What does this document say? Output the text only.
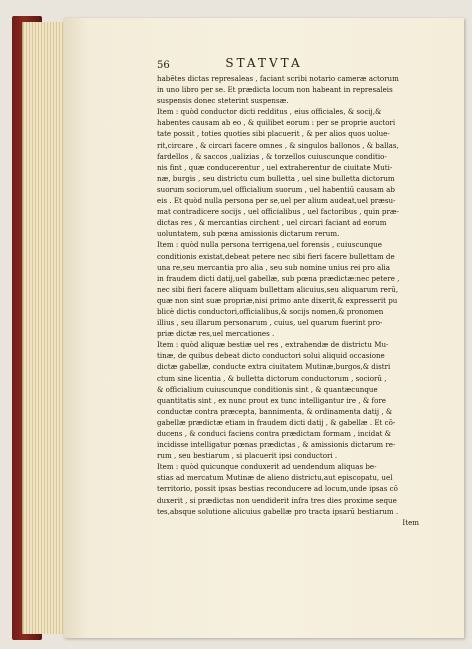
56	STATVTA
habētes dictas represaleas , faciant scribi notario cameræ actorum
in uno libro per se. Et prædicta locum non habeant in represaleis
suspensis donec steterint suspensæ.
Item : quòd conductor dicti redditus , eius officiales, & socij,&
habentes causam ab eo , & quilibet eorum : per se proprie auctori
tate possit , toties quoties sibi placuerit , & per alios quos uolue-
rit,circare , & circari facere omnes , & singulos ballonos , & ballas,
fardellos , & saccos ,ualizias , & torzellos cuiuscunque conditio-
nis fint , quæ conducerentur , uel extraherentur de ciuitate Muti-
næ, burgis , seu districtu cum bulletta , uel sine bulletta dictorum
suorum sociorum,uel officialium suorum , uel habentiū causam ab
eis . Et quòd nulla persona per se,uel per alium audeat,uel præsu-
mat contradicere socijs , uel officialibus , uel factoribus , quin præ-
dictas res , & mercantias circhent , uel circari faciant ad eorum
uoluntatem, sub pœna amissionis dictarum rerum.
Item : quòd nulla persona terrigena,uel forensis , cuiuscunque
conditionis existat,debeat petere nec sibi fieri facere bullettam de
una re,seu mercantia pro alia , seu sub nomine unius rei pro alia
in fraudem dicti datij,uel gabellæ, sub pœna prædictæ:nec petere ,
nec sibi fieri facere aliquam bullettam alicuius,seu aliquarum rerū,
quæ non sint suæ propriæ,nisi primo ante dixerit,& expresserit pu
blicè dictis conductori,officialibus,& socijs nomen,& pronomen
illius , seu illarum personarum , cuius, uel quarum fuerint pro-
priæ dictæ res,uel mercationes .
Item : quòd aliquæ bestiæ uel res , extrahendæ de districtu Mu-
tinæ, de quibus debeat dicto conductori solui aliquid occasione
dictæ gabellæ, conducte extra ciuitatem Mutinæ,burgos,& distri
ctum sine licentia , & bulletta dictorum conductorum , sociorū ,
& officialium cuiuscunque conditionis sint , & quantæcunque
quantitatis sint , ex nunc prout ex tunc intelligantur ire , & fore
conductæ contra præcepta, bannimenta, & ordinamenta datij , &
gabellæ prædictæ etiam in fraudem dicti datij , & gabellæ . Et cō-
ducens , & conduci faciens contra prædictam formam , incidat &
incidisse intelligatur pœnas prædictas , & amissionis dictarum re-
rum , seu bestiarum , si placuerit ipsi conductori .
Item : quòd quicunque conduxerit ad uendendum aliquas be-
stias ad mercatum Mutinæ de alieno districtu,aut episcopatu, uel
territorio, possit ipsas bestias reconducere ad locum,unde ipsas cō
duxerit , si prædictas non uendiderit infra tres dies proxime seque
tes,absque solutione alicuius gabellæ pro tracta ipsarū bestiarum .
Item
